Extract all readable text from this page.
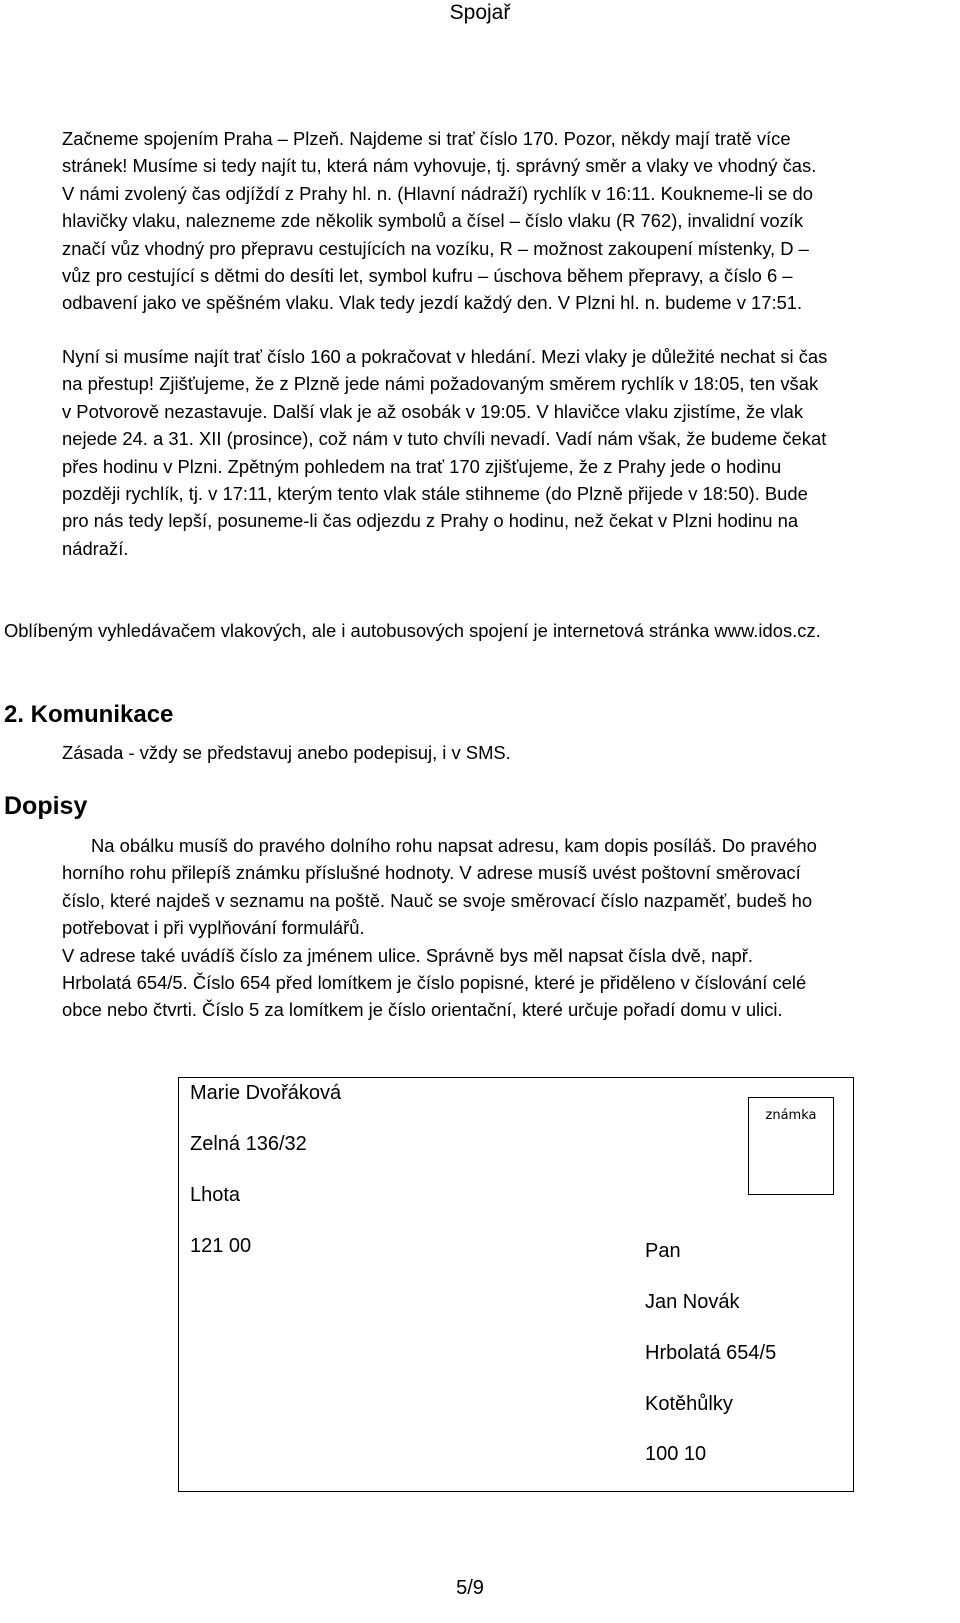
Spojař
Začneme spojením Praha – Plzeň. Najdeme si trať číslo 170. Pozor, někdy mají tratě více
stránek! Musíme si tedy najít tu, která nám vyhovuje, tj. správný směr a vlaky ve vhodný čas.
V námi zvolený čas odjíždí z Prahy hl. n. (Hlavní nádraží) rychlík v 16:11. Koukneme-li se do
hlavičky vlaku, nalezneme zde několik symbolů a čísel – číslo vlaku (R 762), invalidní vozík
značí vůz vhodný pro přepravu cestujících na vozíku, R – možnost zakoupení místenky, D –
vůz pro cestující s dětmi do desíti let, symbol kufru – úschova během přepravy, a číslo 6 –
odbavení jako ve spěšném vlaku. Vlak tedy jezdí každý den. V Plzni hl. n. budeme v 17:51.
Nyní si musíme najít trať číslo 160 a pokračovat v hledání. Mezi vlaky je důležité nechat si čas
na přestup! Zjišťujeme, že z Plzně jede námi požadovaným směrem rychlík v 18:05, ten však
v Potvorově nezastavuje. Další vlak je až osobák v 19:05. V hlavičce vlaku zjistíme, že vlak
nejede 24. a 31. XII (prosince), což nám v tuto chvíli nevadí. Vadí nám však, že budeme čekat
přes hodinu v Plzni. Zpětným pohledem na trať 170 zjišťujeme, že z Prahy jede o hodinu
později rychlík, tj. v 17:11, kterým tento vlak stále stihneme (do Plzně přijede v 18:50). Bude
pro nás tedy lepší, posuneme-li čas odjezdu z Prahy o hodinu, než čekat v Plzni hodinu na
nádraží.
Oblíbeným vyhledávačem vlakových, ale i autobusových spojení je internetová stránka www.idos.cz.
2. Komunikace
Zásada - vždy se představuj anebo podepisuj, i v SMS.
Dopisy
Na obálku musíš do pravého dolního rohu napsat adresu, kam dopis posíláš. Do pravého
horního rohu přilepíš známku příslušné hodnoty. V adrese musíš uvést poštovní směrovací
číslo, které najdeš v seznamu na poště. Nauč se svoje směrovací číslo nazpaměť, budeš ho
potřebovat i při vyplňování formulářů.
V adrese také uvádíš číslo za jménem ulice. Správně bys měl napsat čísla dvě, např.
Hrbolatá 654/5. Číslo 654 před lomítkem je číslo popisné, které je přiděleno v číslování celé
obce nebo čtvrti. Číslo 5 za lomítkem je číslo orientační, které určuje pořadí domu v ulici.
Marie Dvořáková
Zelná 136/32
Lhota
121 00
známka
Pan
Jan Novák
Hrbolatá 654/5
Kotěhůlky
100 10
5/9
